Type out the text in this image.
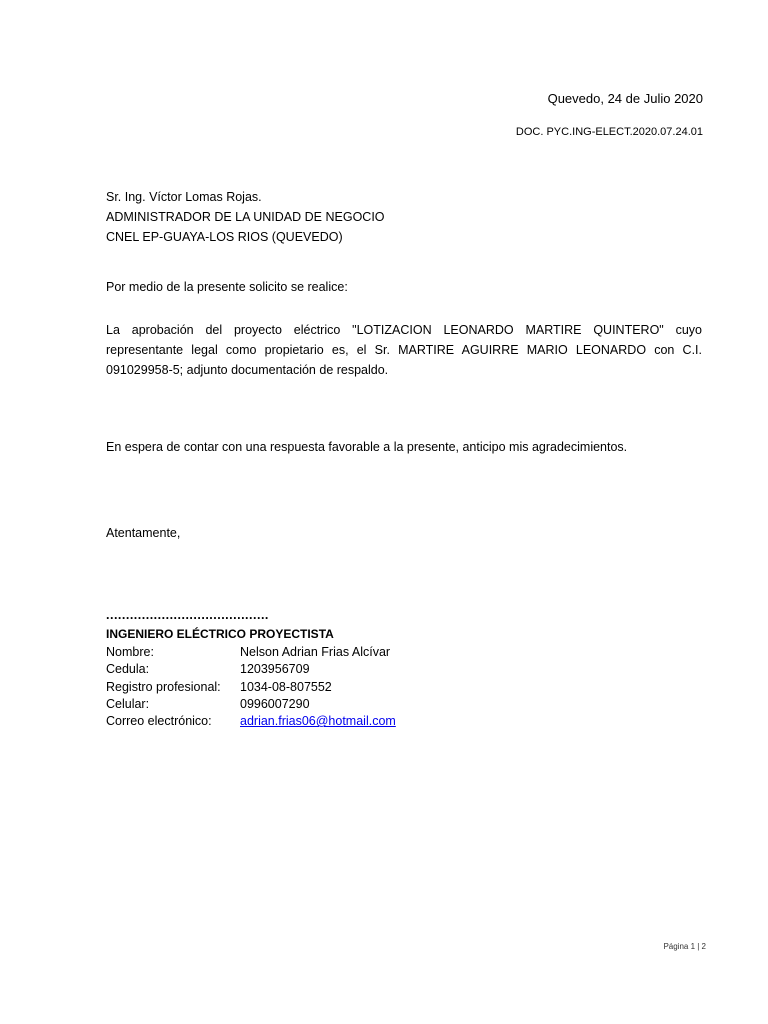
Quevedo, 24 de Julio 2020
DOC. PYC.ING-ELECT.2020.07.24.01
Sr. Ing. Víctor Lomas Rojas.
ADMINISTRADOR DE LA UNIDAD DE NEGOCIO
CNEL EP-GUAYA-LOS RIOS (QUEVEDO)
Por medio de la presente solicito se realice:
La aprobación del proyecto eléctrico "LOTIZACION LEONARDO MARTIRE QUINTERO" cuyo representante legal como propietario es, el Sr. MARTIRE AGUIRRE MARIO LEONARDO con C.I. 091029958-5; adjunto documentación de respaldo.
En espera de contar con una respuesta favorable a la presente, anticipo mis agradecimientos.
Atentamente,
.........................................
INGENIERO ELÉCTRICO PROYECTISTA
Nombre:	Nelson Adrian Frias Alcívar
Cedula:	1203956709
Registro profesional:	1034-08-807552
Celular:	0996007290
Correo electrónico:	adrian.frias06@hotmail.com
Página 1 | 2
